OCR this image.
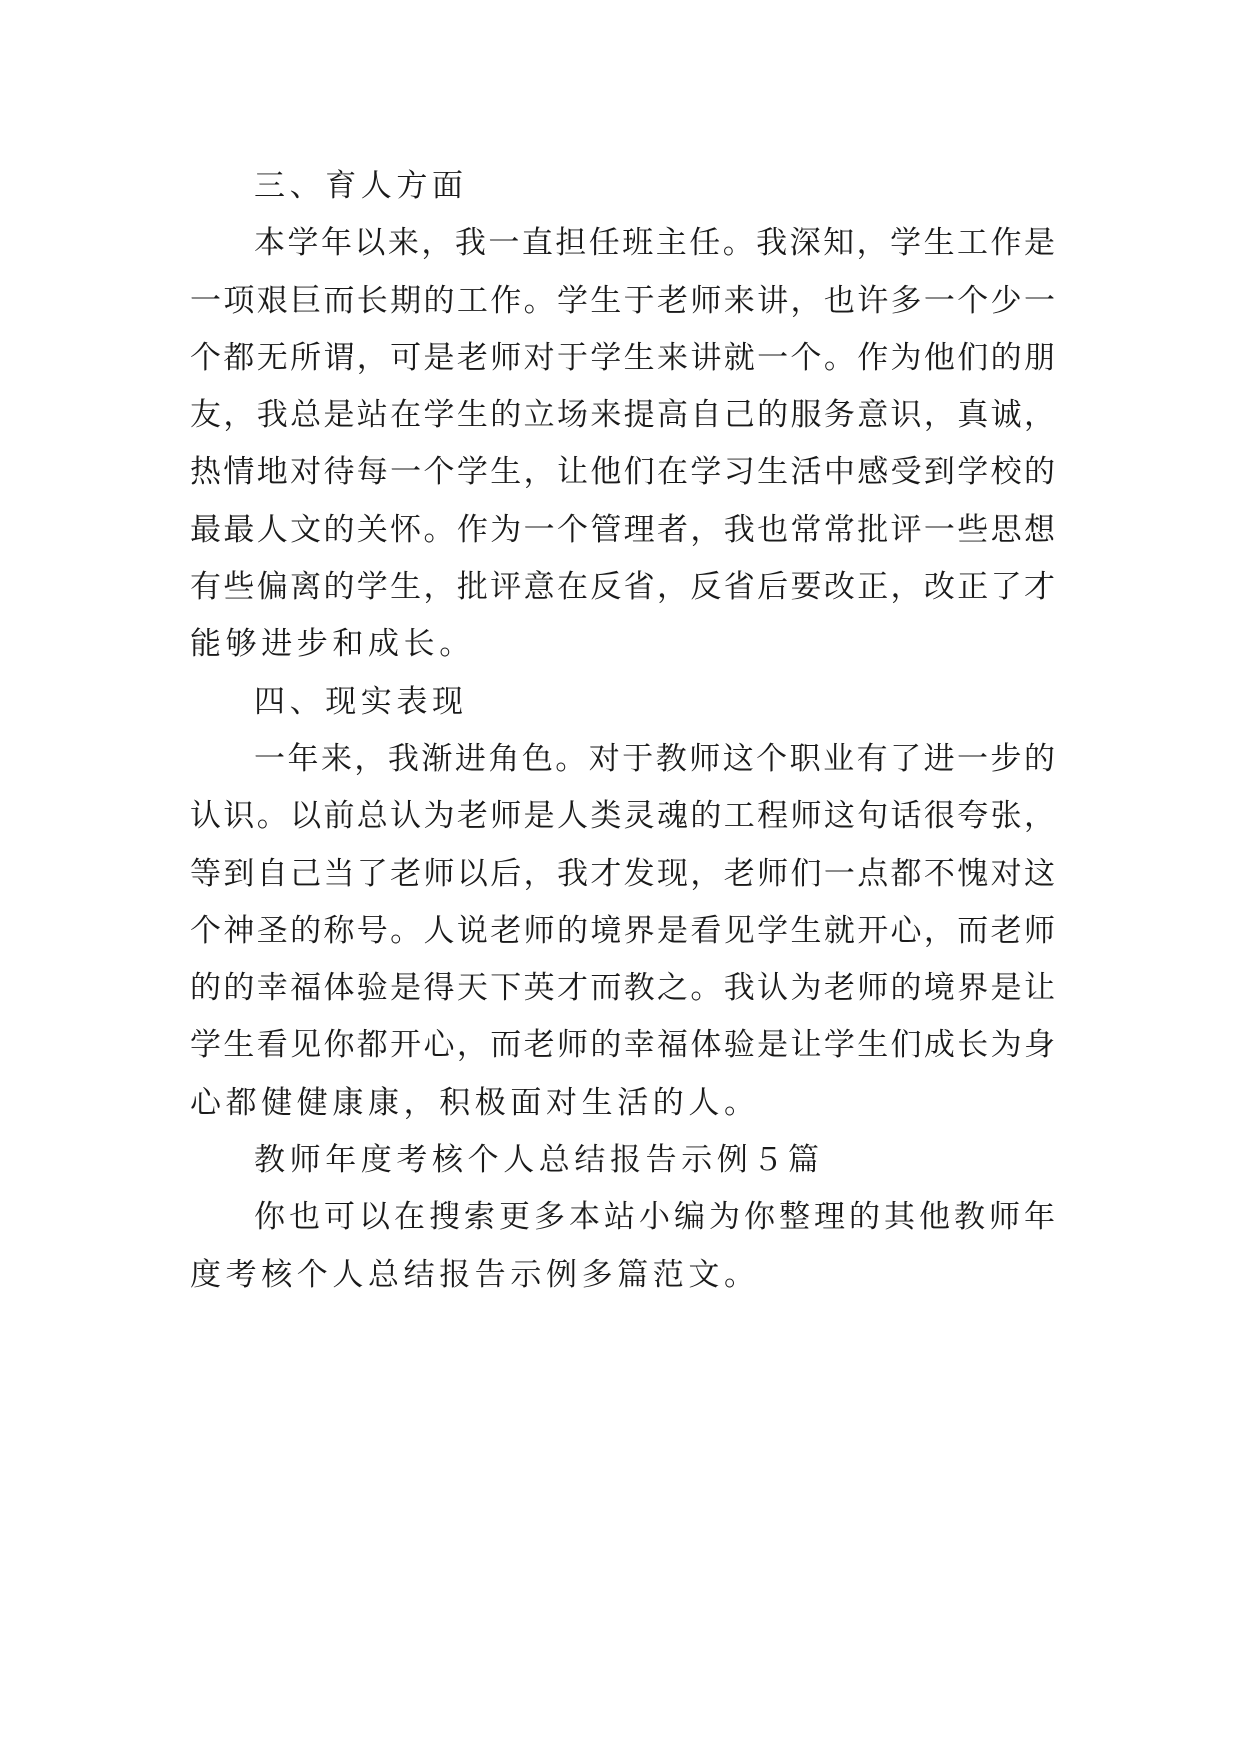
三、育人方面
本学年以来，我一直担任班主任。我深知，学生工作是
一项艰巨而长期的工作。学生于老师来讲，也许多一个少一
个都无所谓，可是老师对于学生来讲就一个。作为他们的朋
友，我总是站在学生的立场来提高自己的服务意识，真诚，
热情地对待每一个学生，让他们在学习生活中感受到学校的
最最人文的关怀。作为一个管理者，我也常常批评一些思想
有些偏离的学生，批评意在反省，反省后要改正，改正了才
能够进步和成长。
四、现实表现
一年来，我渐进角色。对于教师这个职业有了进一步的
认识。以前总认为老师是人类灵魂的工程师这句话很夸张，
等到自己当了老师以后，我才发现，老师们一点都不愧对这
个神圣的称号。人说老师的境界是看见学生就开心，而老师
的的幸福体验是得天下英才而教之。我认为老师的境界是让
学生看见你都开心，而老师的幸福体验是让学生们成长为身
心都健健康康，积极面对生活的人。
教师年度考核个人总结报告示例５篇
你也可以在搜索更多本站小编为你整理的其他教师年
度考核个人总结报告示例多篇范文。
